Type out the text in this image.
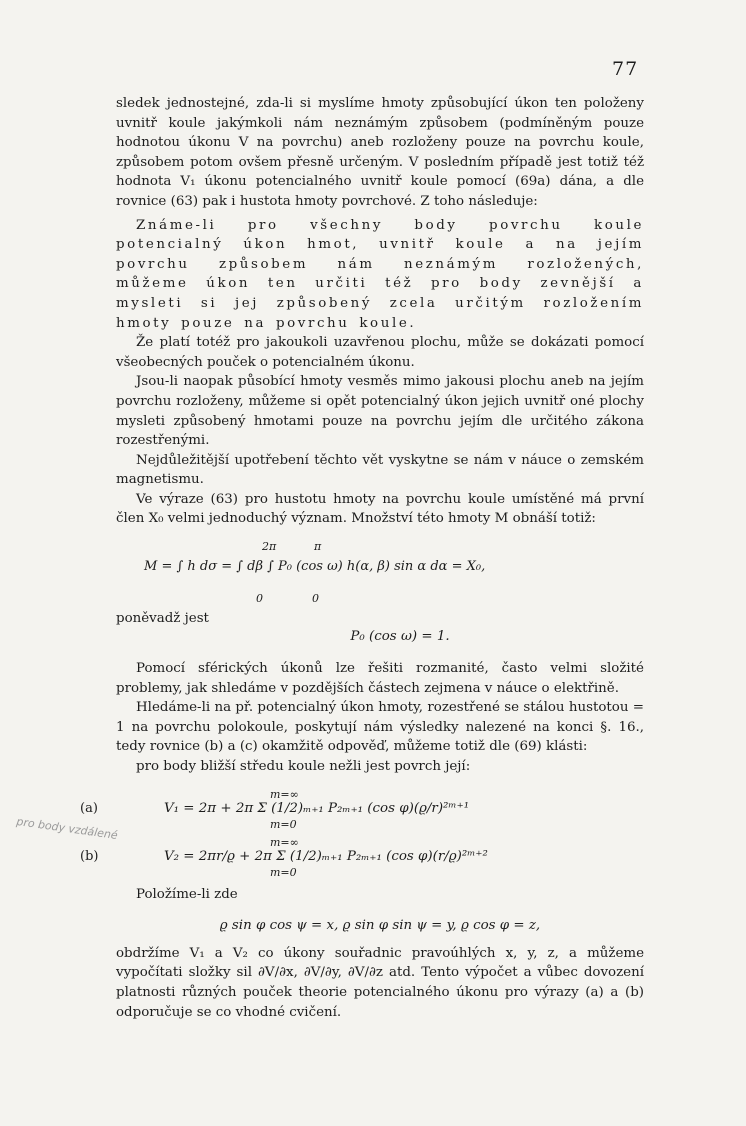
77

sledek jednostejné, zda-li si myslíme hmoty způsobující úkon ten položeny uvnitř koule jakýmkoli nám neznámým způsobem (podmíněným pouze hodnotou úkonu V na povrchu) aneb rozloženy pouze na povrchu koule, způsobem potom ovšem přesně určeným. V posledním případě jest totiž též hodnota V₁ úkonu potencialného uvnitř koule pomocí (69a) dána, a dle rovnice (63) pak i hustota hmoty povrchové. Z toho následuje:

Známe-li pro všechny body povrchu koule potencialný úkon hmot, uvnitř koule a na jejím povrchu způsobem nám neznámým rozložených, můžeme úkon ten určiti též pro body zevnější a mysleti si jej způsobený zcela určitým rozložením hmoty pouze na povrchu koule.

Že platí totéž pro jakoukoli uzavřenou plochu, může se dokázati pomocí všeobecných pouček o potencialném úkonu.

Jsou-li naopak působící hmoty vesměs mimo jakousi plochu aneb na jejím povrchu rozloženy, můžeme si opět potencialný úkon jejich uvnitř oné plochy mysleti způsobený hmotami pouze na povrchu jejím dle určitého zákona rozestřenými.

Nejdůležitější upotřebení těchto vět vyskytne se nám v náuce o zemském magnetismu.

Ve výraze (63) pro hustotu hmoty na povrchu koule umístěné má první člen X₀ velmi jednoduchý význam. Množství této hmoty M obnáší totiž:

2π	π
M = ∫ h dσ = ∫ dβ ∫ P₀ (cos ω) h(α, β) sin α dα = X₀,
0	0
poněvadž jest
P₀ (cos ω) = 1.

Pomocí sférických úkonů lze řešiti rozmanité, často velmi složité problemy, jak shledáme v pozdějších částech zejmena v náuce o elektřině.

Hledáme-li na př. potencialný úkon hmoty, rozestřené se stálou hustotou = 1 na povrchu polokoule, poskytují nám výsledky nalezené na konci §. 16., tedy rovnice (b) a (c) okamžitě odpověď, můžeme totiž dle (69) klásti:

pro body bližší středu koule nežli jest povrch její:

(a)
m=∞
V₁ = 2π + 2π Σ (1/2)ₘ₊₁ P₂ₘ₊₁ (cos φ)(ϱ/r)²ᵐ⁺¹
m=0
pro body vzdálené
(b)
m=∞
V₂ = 2πr/ϱ + 2π Σ (1/2)ₘ₊₁ P₂ₘ₊₁ (cos φ)(r/ϱ)²ᵐ⁺²
m=0

Položíme-li zde

ϱ sin φ cos ψ = x, ϱ sin φ sin ψ = y, ϱ cos φ = z,

obdržíme V₁ a V₂ co úkony souřadnic pravoúhlých x, y, z, a můžeme vypočítati složky sil ∂V/∂x, ∂V/∂y, ∂V/∂z atd. Tento výpočet a vůbec dovození platnosti různých pouček theorie potencialného úkonu pro výrazy (a) a (b) odporučuje se co vhodné cvičení.
